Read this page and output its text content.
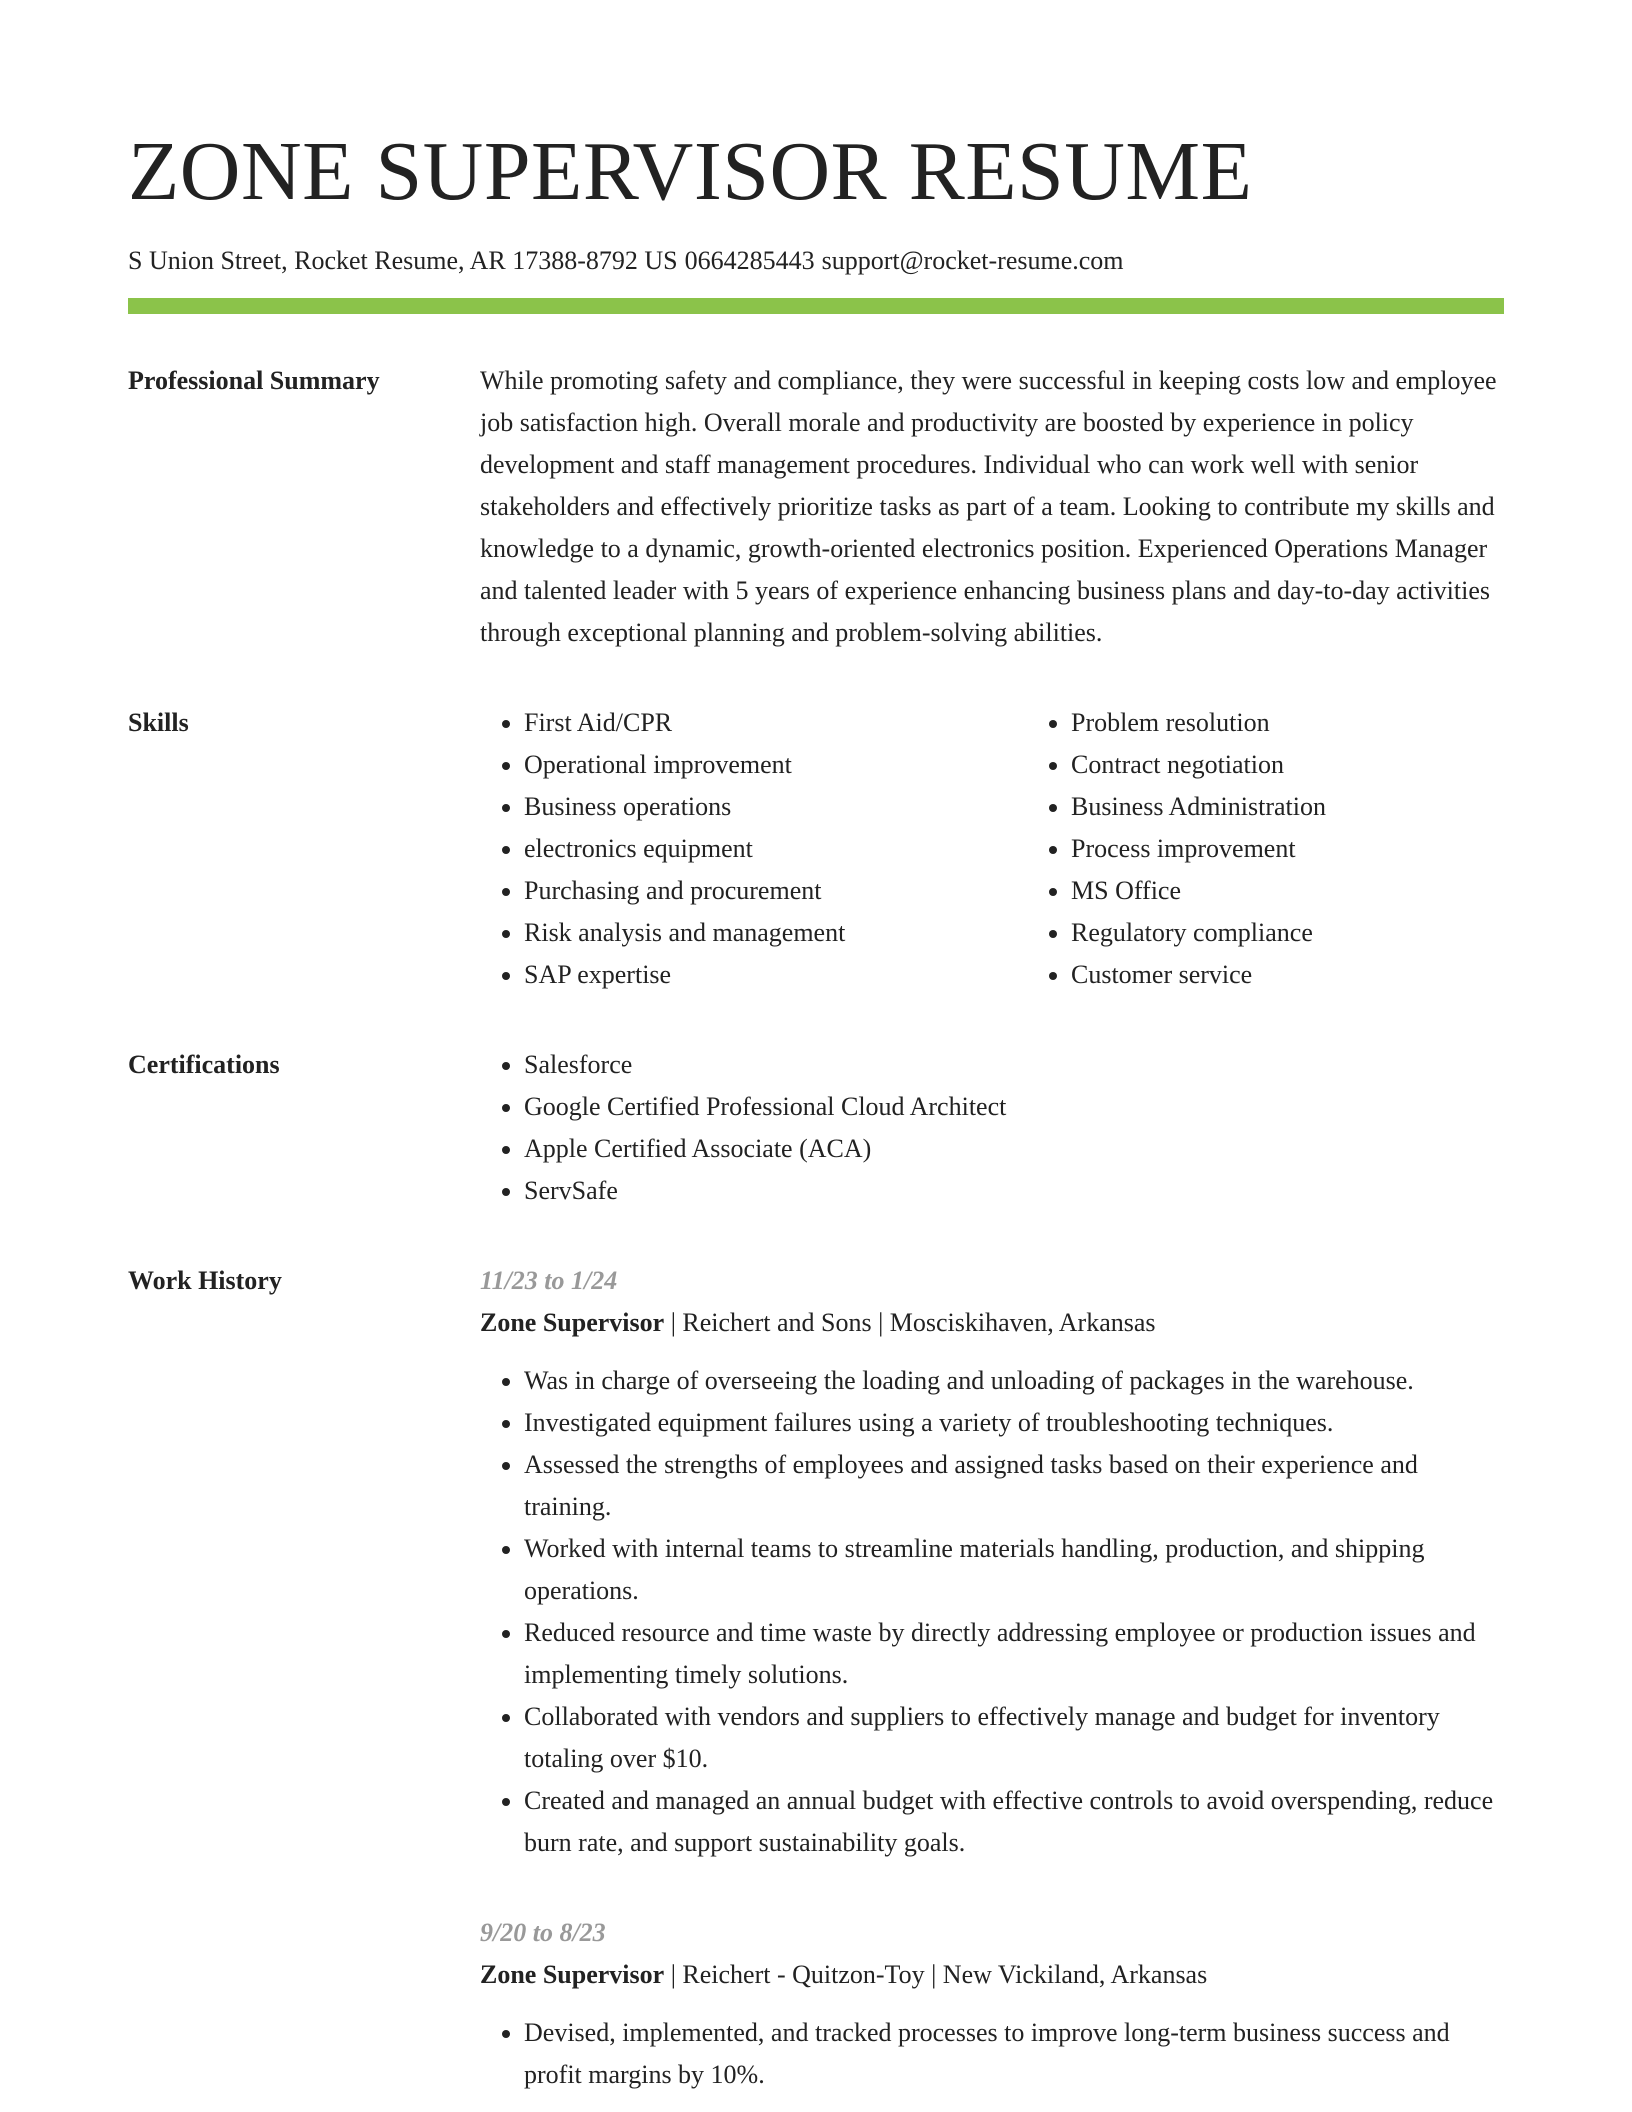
ZONE SUPERVISOR RESUME
S Union Street, Rocket Resume, AR 17388-8792 US 0664285443 support@rocket-resume.com
Professional Summary	While promoting safety and compliance, they were successful in keeping costs low and employee job satisfaction high. Overall morale and productivity are boosted by experience in policy development and staff management procedures. Individual who can work well with senior stakeholders and effectively prioritize tasks as part of a team. Looking to contribute my skills and knowledge to a dynamic, growth-oriented electronics position. Experienced Operations Manager and talented leader with 5 years of experience enhancing business plans and day-to-day activities through exceptional planning and problem-solving abilities.

Skills	• First Aid/CPR
• Operational improvement
• Business operations
• electronics equipment
• Purchasing and procurement
• Risk analysis and management
• SAP expertise
• Problem resolution
• Contract negotiation
• Business Administration
• Process improvement
• MS Office
• Regulatory compliance
• Customer service
Certifications	• Salesforce
• Google Certified Professional Cloud Architect
• Apple Certified Associate (ACA)
• ServSafe
Work History	11/23 to 1/24
Zone Supervisor | Reichert and Sons | Mosciskihaven, Arkansas
• Was in charge of overseeing the loading and unloading of packages in the warehouse.
• Investigated equipment failures using a variety of troubleshooting techniques.
• Assessed the strengths of employees and assigned tasks based on their experience and training.
• Worked with internal teams to streamline materials handling, production, and shipping operations.
• Reduced resource and time waste by directly addressing employee or production issues and implementing timely solutions.
• Collaborated with vendors and suppliers to effectively manage and budget for inventory totaling over $10.
• Created and managed an annual budget with effective controls to avoid overspending, reduce burn rate, and support sustainability goals.
9/20 to 8/23
Zone Supervisor | Reichert - Quitzon-Toy | New Vickiland, Arkansas
• Devised, implemented, and tracked processes to improve long-term business success and profit margins by 10%.
